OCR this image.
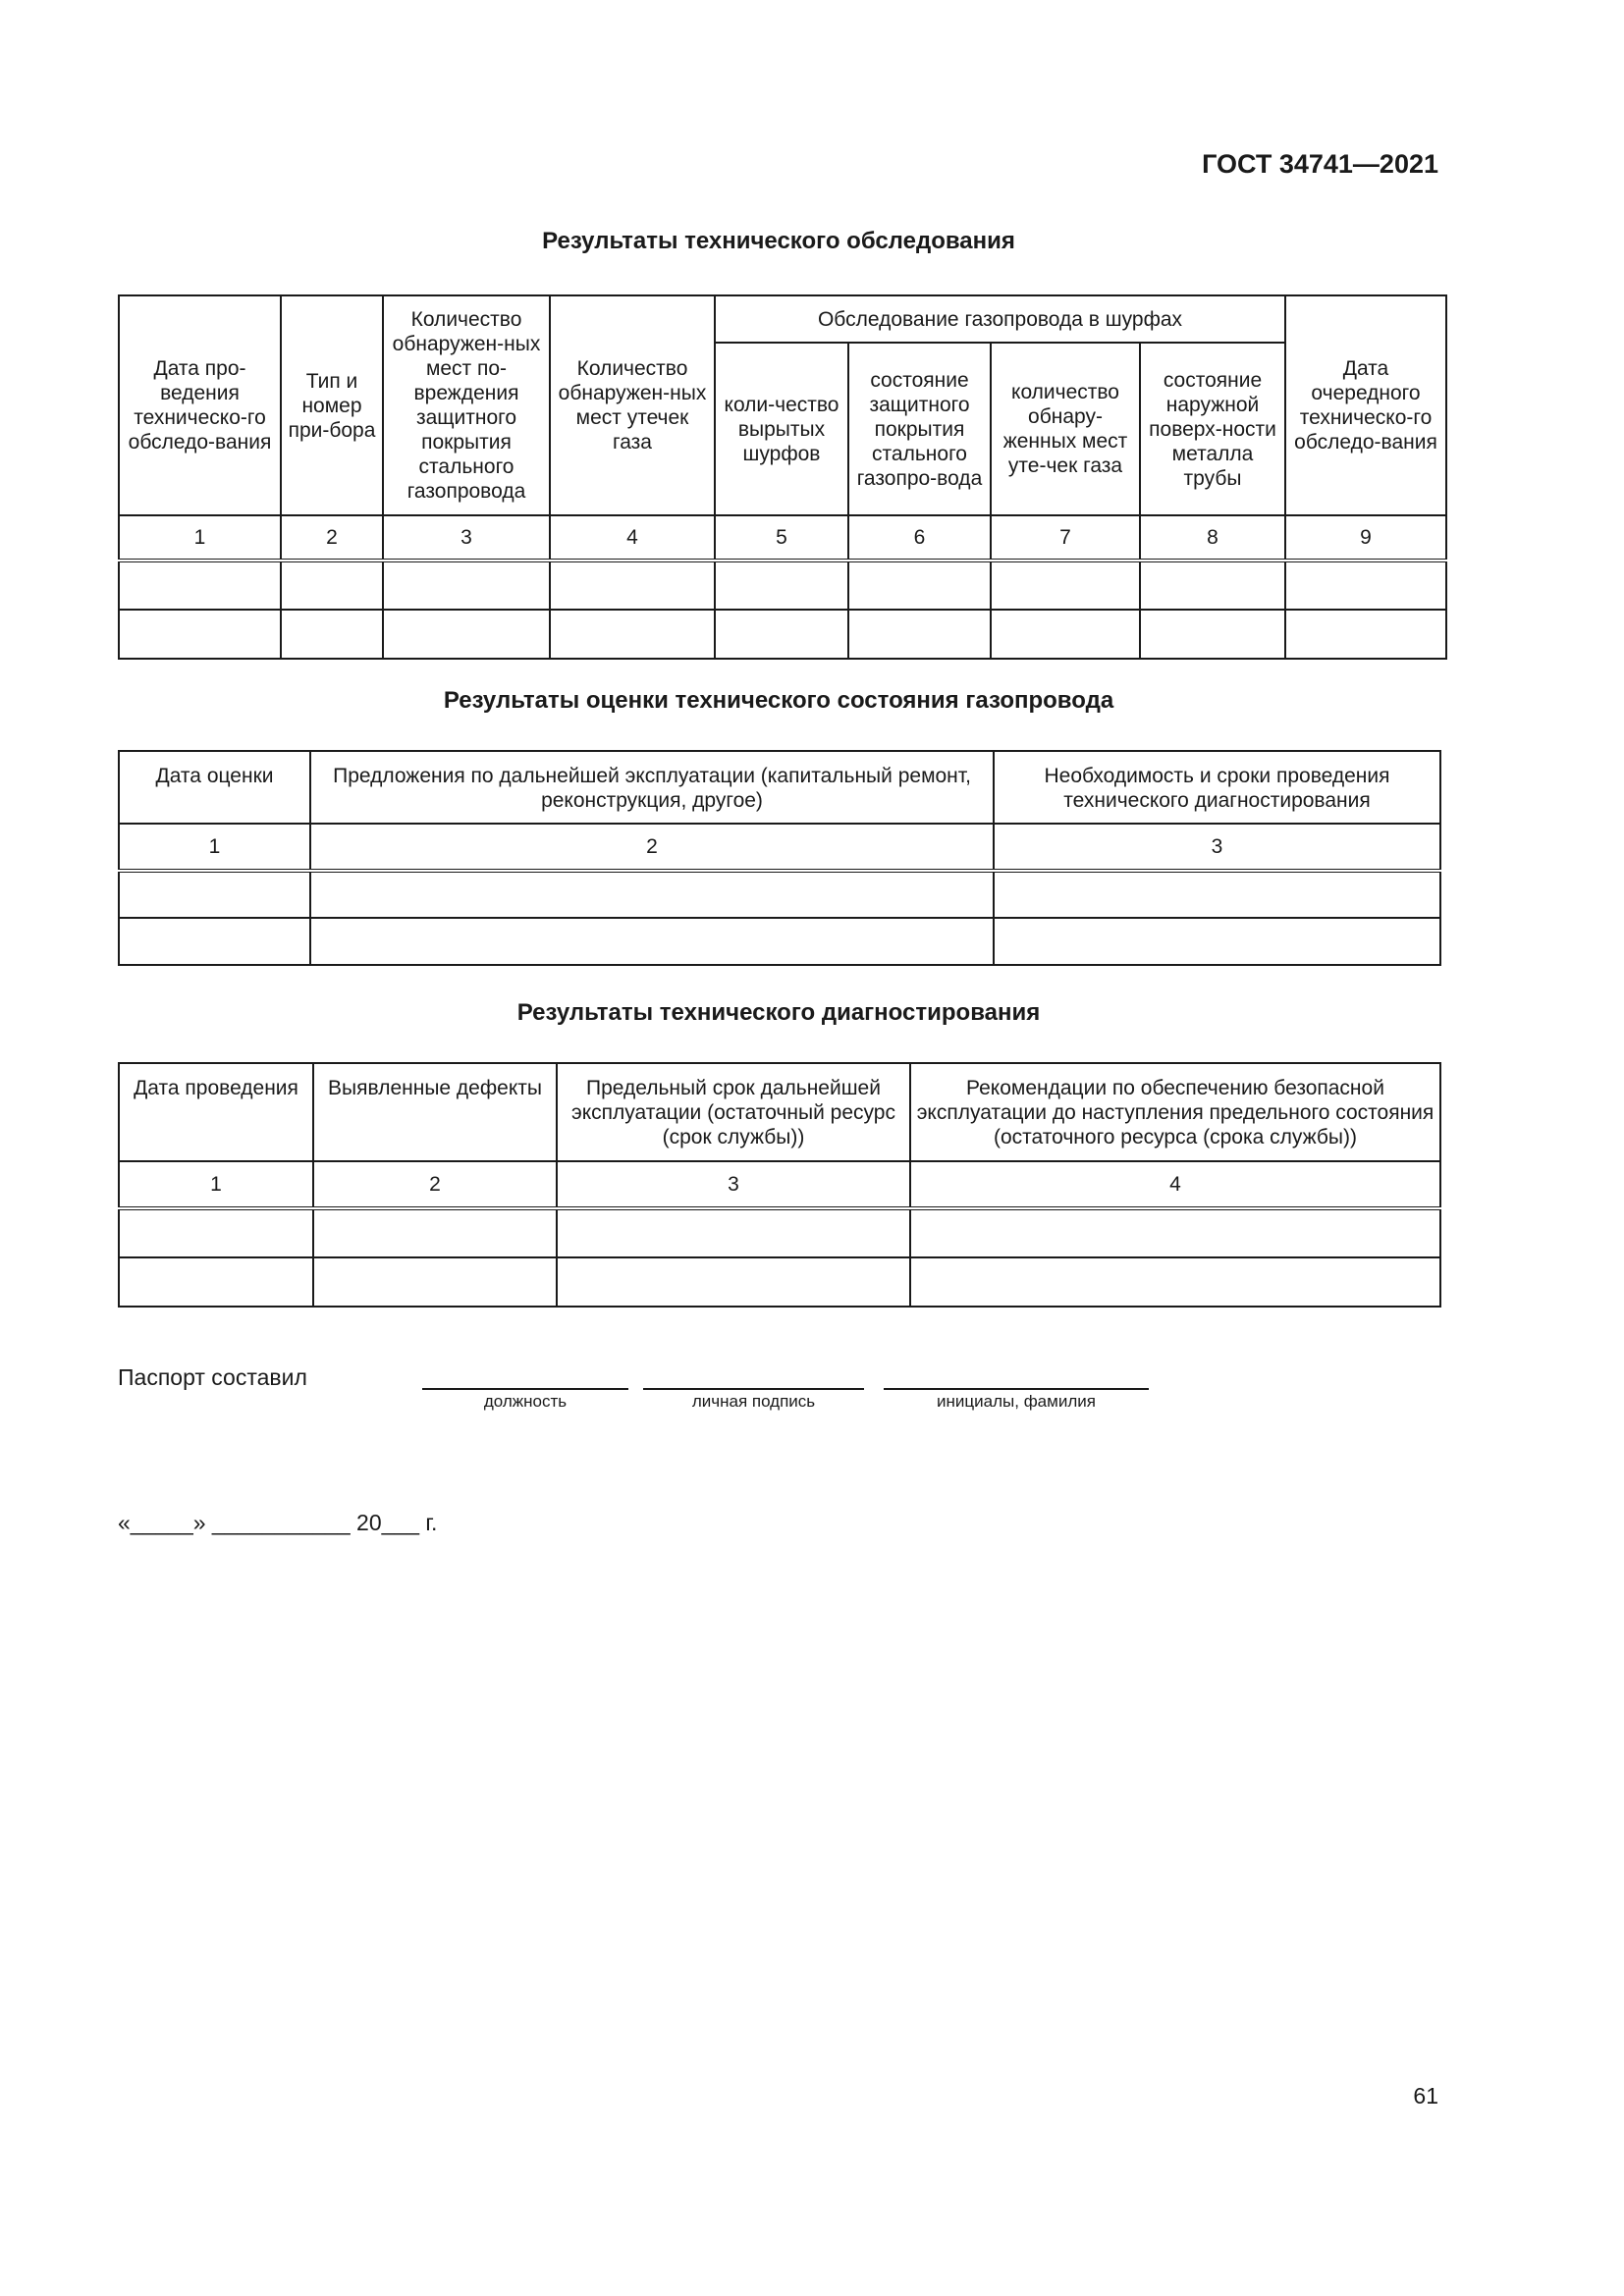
ГОСТ 34741—2021
Результаты технического обследования
Дата про-ведения техническо-го обследо-вания	Тип и номер при-бора	Количество обнаружен-ных мест по-вреждения защитного покрытия стального газопровода	Количество обнаружен-ных мест утечек газа	Обследование газопровода в шурфах				Дата очередного техническо-го обследо-вания
				коли-чество вырытых шурфов	состояние защитного покрытия стального газопро-вода	количество обнару-женных мест уте-чек газа	состояние наружной поверх-ности металла трубы	
1	2	3	4	5	6	7	8	9

Результаты оценки технического состояния газопровода
Дата оценки	Предложения по дальнейшей эксплуатации (капитальный ремонт, реконструкция, другое)	Необходимость и сроки проведения технического диагностирования
1	2	3

Результаты технического диагностирования
Дата проведения	Выявленные дефекты	Предельный срок дальнейшей эксплуатации (остаточный ресурс (срок службы))	Рекомендации по обеспечению безопасной эксплуатации до наступления предельного состояния (остаточного ресурса (срока службы))
1	2	3	4

Паспорт составил
должность	личная подпись	инициалы, фамилия
«_____» ___________ 20___ г.
61
